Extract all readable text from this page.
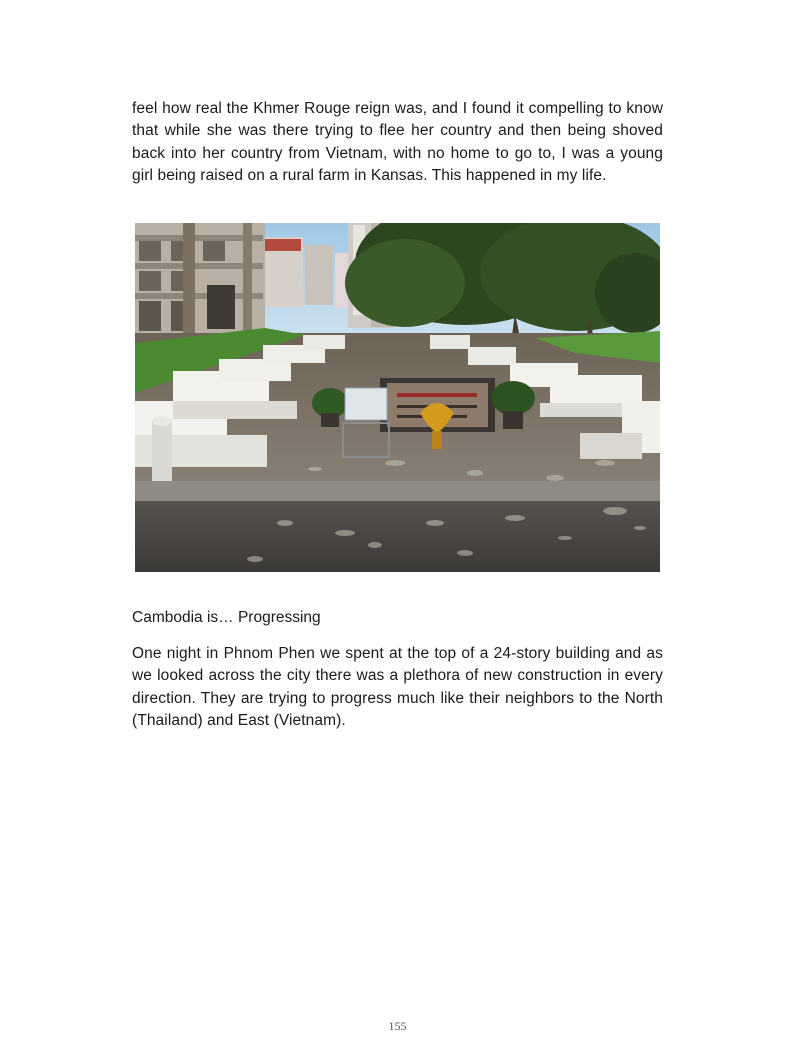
feel how real the Khmer Rouge reign was, and I found it compelling to know that while she was there trying to flee her country and then being shoved back into her country from Vietnam, with no home to go to, I was a young girl being raised on a rural farm in Kansas. This happened in my life.

Cambodia is… Progressing

One night in Phnom Phen we spent at the top of a 24-story building and as we looked across the city there was a plethora of new construction in every direction. They are trying to progress much like their neighbors to the North (Thailand) and East (Vietnam).

155
